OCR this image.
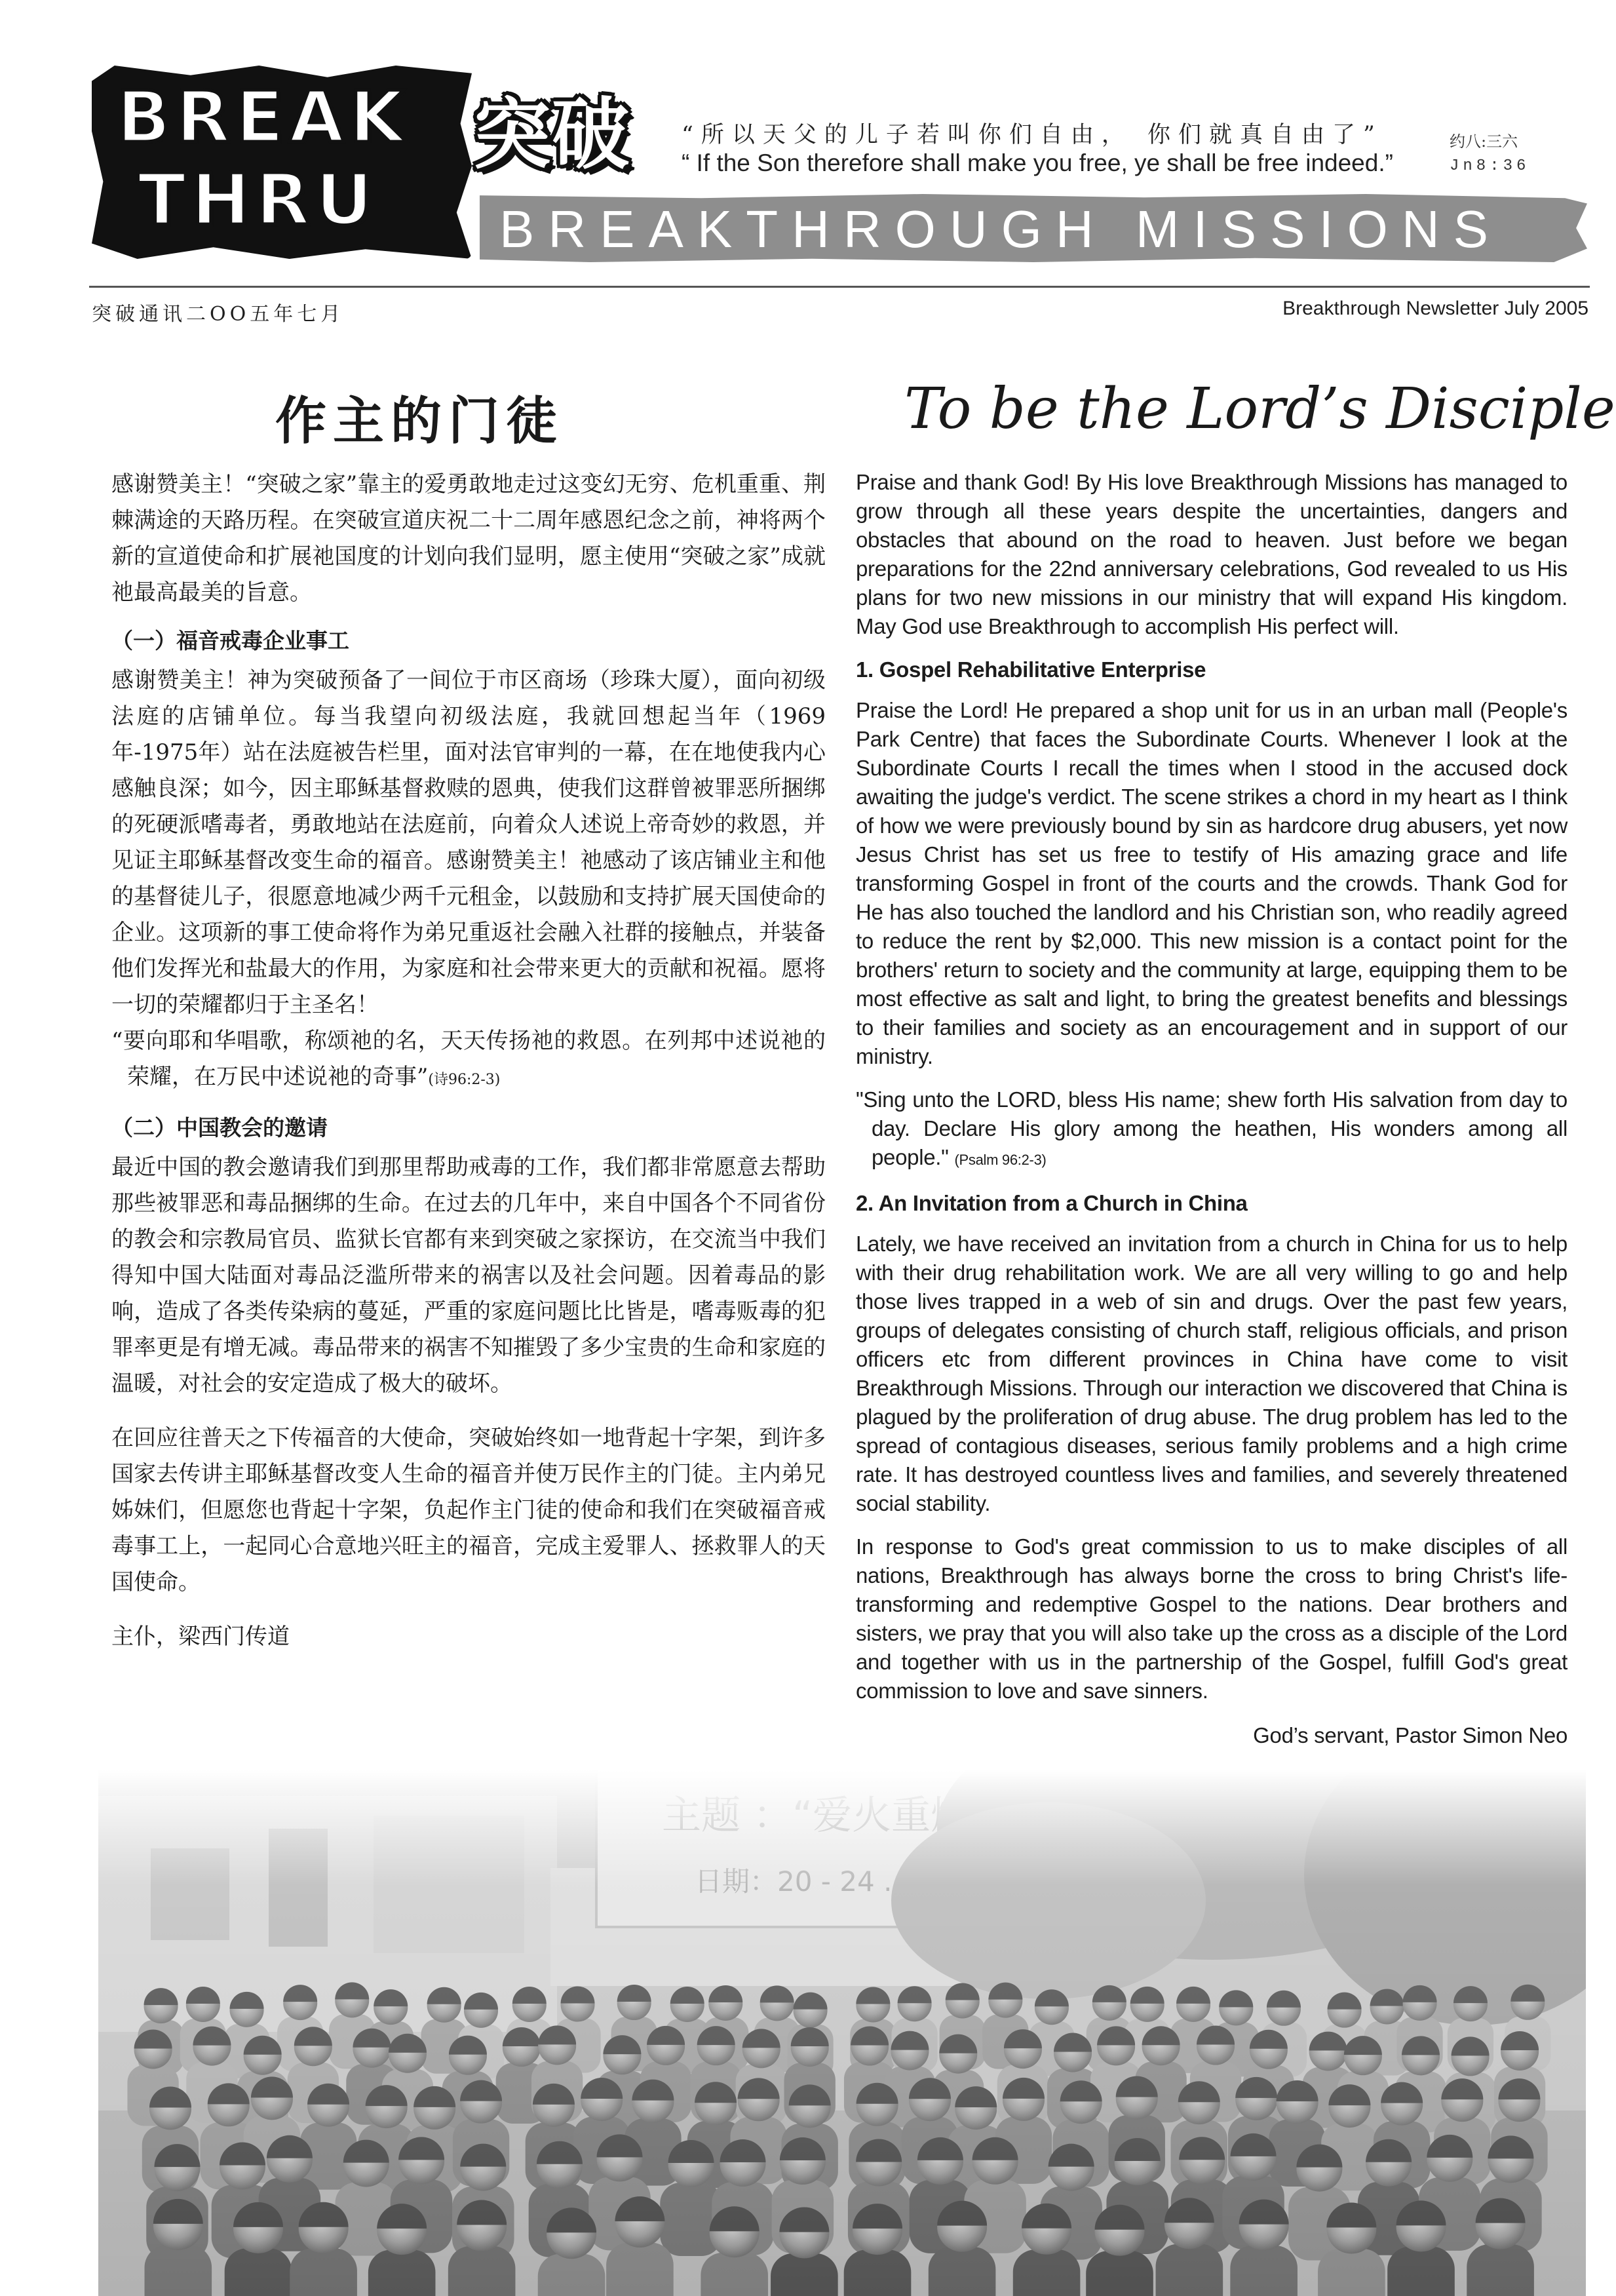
BREAK
THRU
突破 “所以天父的儿子若叫你们自由， 你们就真自由了”	约八:三六
“ If the Son therefore shall make you free, ye shall be free indeed.”	Jn8:36
BREAKTHROUGH MISSIONS
突破通讯二OO五年七月	Breakthrough Newsletter July 2005
作主的门徒	To be the Lord’s Disciple

感谢赞美主！“突破之家”靠主的爱勇敢地走过这变幻无穷、危机重重、荆棘满途的天路历程。在突破宣道庆祝二十二周年感恩纪念之前，神将两个新的宣道使命和扩展祂国度的计划向我们显明，愿主使用“突破之家”成就祂最高最美的旨意。

（一）福音戒毒企业事工

感谢赞美主！神为突破预备了一间位于市区商场（珍珠大厦），面向初级法庭的店铺单位。每当我望向初级法庭，我就回想起当年（1969年-1975年）站在法庭被告栏里，面对法官审判的一幕，在在地使我内心感触良深；如今，因主耶稣基督救赎的恩典，使我们这群曾被罪恶所捆绑的死硬派嗜毒者，勇敢地站在法庭前，向着众人述说上帝奇妙的救恩，并见证主耶稣基督改变生命的福音。感谢赞美主！祂感动了该店铺业主和他的基督徒儿子，很愿意地减少两千元租金，以鼓励和支持扩展天国使命的企业。这项新的事工使命将作为弟兄重返社会融入社群的接触点，并装备他们发挥光和盐最大的作用，为家庭和社会带来更大的贡献和祝福。愿将一切的荣耀都归于主圣名！

“要向耶和华唱歌，称颂祂的名，天天传扬祂的救恩。在列邦中述说祂的荣耀，在万民中述说祂的奇事”(诗96:2-3)

（二）中国教会的邀请

最近中国的教会邀请我们到那里帮助戒毒的工作，我们都非常愿意去帮助那些被罪恶和毒品捆绑的生命。在过去的几年中，来自中国各个不同省份的教会和宗教局官员、监狱长官都有来到突破之家探访，在交流当中我们得知中国大陆面对毒品泛滥所带来的祸害以及社会问题。因着毒品的影响，造成了各类传染病的蔓延，严重的家庭问题比比皆是，嗜毒贩毒的犯罪率更是有增无减。毒品带来的祸害不知摧毁了多少宝贵的生命和家庭的温暖，对社会的安定造成了极大的破坏。

在回应往普天之下传福音的大使命，突破始终如一地背起十字架，到许多国家去传讲主耶稣基督改变人生命的福音并使万民作主的门徒。主内弟兄姊妹们，但愿您也背起十字架，负起作主门徒的使命和我们在突破福音戒毒事工上，一起同心合意地兴旺主的福音，完成主爱罪人、拯救罪人的天国使命。

主仆，梁西门传道

Praise and thank God! By His love Breakthrough Missions has managed to grow through all these years despite the uncertainties, dangers and obstacles that abound on the road to heaven. Just before we began preparations for the 22nd anniversary celebrations, God revealed to us His plans for two new missions in our ministry that will expand His kingdom. May God use Breakthrough to accomplish His perfect will.

1. Gospel Rehabilitative Enterprise

Praise the Lord! He prepared a shop unit for us in an urban mall (People's Park Centre) that faces the Subordinate Courts. Whenever I look at the Subordinate Courts I recall the times when I stood in the accused dock awaiting the judge's verdict. The scene strikes a chord in my heart as I think of how we were previously bound by sin as hardcore drug abusers, yet now Jesus Christ has set us free to testify of His amazing grace and life transforming Gospel in front of the courts and the crowds. Thank God for He has also touched the landlord and his Christian son, who readily agreed to reduce the rent by $2,000. This new mission is a contact point for the brothers' return to society and the community at large, equipping them to be most effective as salt and light, to bring the greatest benefits and blessings to their families and society as an encouragement and in support of our ministry.

"Sing unto the LORD, bless His name; shew forth His salvation from day to day. Declare His glory among the heathen, His wonders among all people." (Psalm 96:2-3)

2. An Invitation from a Church in China

Lately, we have received an invitation from a church in China for us to help with their drug rehabilitation work. We are all very willing to go and help those lives trapped in a web of sin and drugs. Over the past few years, groups of delegates consisting of church staff, religious officials, and prison officers etc from different provinces in China have come to visit Breakthrough Missions. Through our interaction we discovered that China is plagued by the proliferation of drug abuse. The drug problem has led to the spread of contagious diseases, serious family problems and a high crime rate. It has destroyed countless lives and families, and severely threatened social stability.

In response to God's great commission to us to make disciples of all nations, Breakthrough has always borne the cross to bring Christ's life-transforming and redemptive Gospel to the nations. Dear brothers and sisters, we pray that you will also take up the cross as a disciple of the Lord and together with us in the partnership of the Gospel, fulfill God's great commission to love and save sinners.

God’s servant, Pastor Simon Neo
